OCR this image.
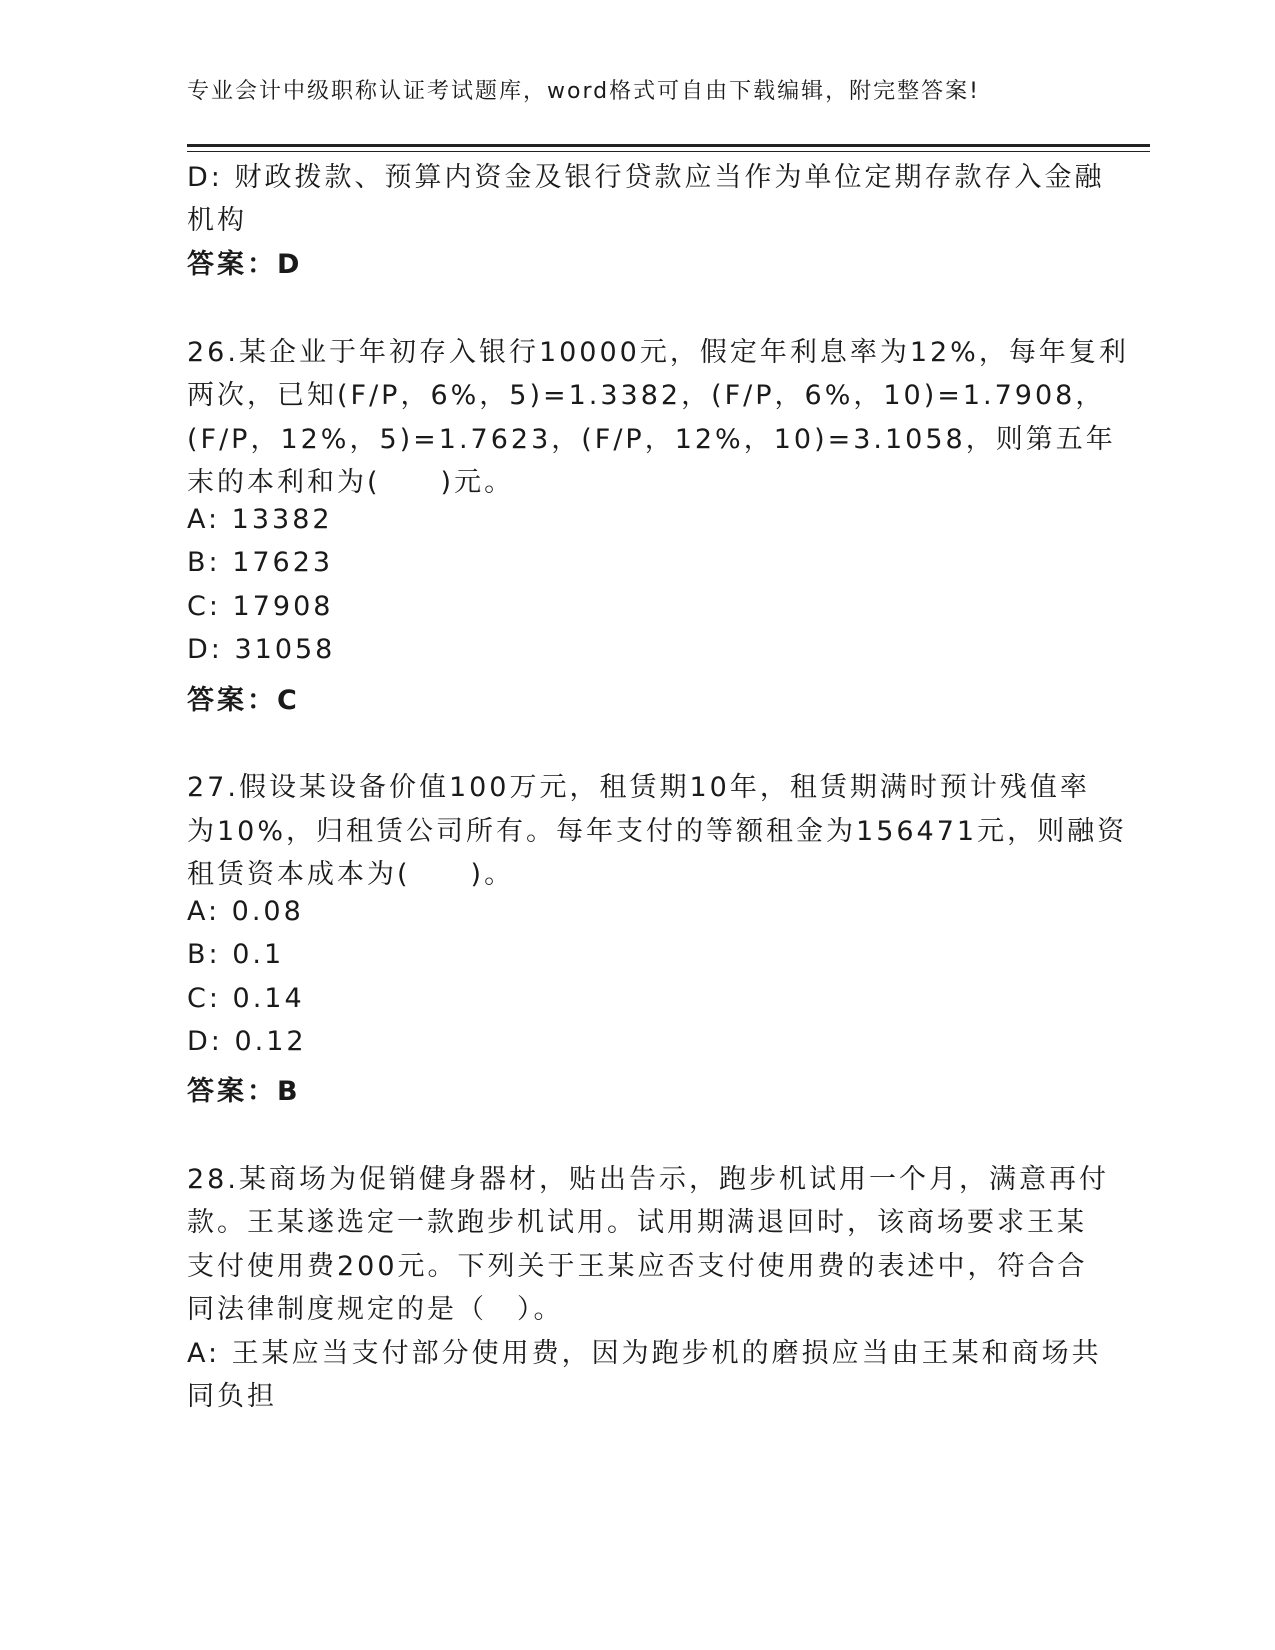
专业会计中级职称认证考试题库，word格式可自由下载编辑，附完整答案!
D: 财政拨款、预算内资金及银行贷款应当作为单位定期存款存入金融
机构
答案：D
26.某企业于年初存入银行10000元，假定年利息率为12%，每年复利
两次，已知(F/P，6%，5)=1.3382，(F/P，6%，10)=1.7908，
(F/P，12%，5)=1.7623，(F/P，12%，10)=3.1058，则第五年
末的本利和为(　　)元。
A: 13382
B: 17623
C: 17908
D: 31058
答案：C
27.假设某设备价值100万元，租赁期10年，租赁期满时预计残值率
为10%，归租赁公司所有。每年支付的等额租金为156471元，则融资
租赁资本成本为(　　)。
A: 0.08
B: 0.1
C: 0.14
D: 0.12
答案：B
28.某商场为促销健身器材，贴出告示，跑步机试用一个月，满意再付
款。王某遂选定一款跑步机试用。试用期满退回时，该商场要求王某
支付使用费200元。下列关于王某应否支付使用费的表述中，符合合
同法律制度规定的是（　）。
A: 王某应当支付部分使用费，因为跑步机的磨损应当由王某和商场共
同负担
